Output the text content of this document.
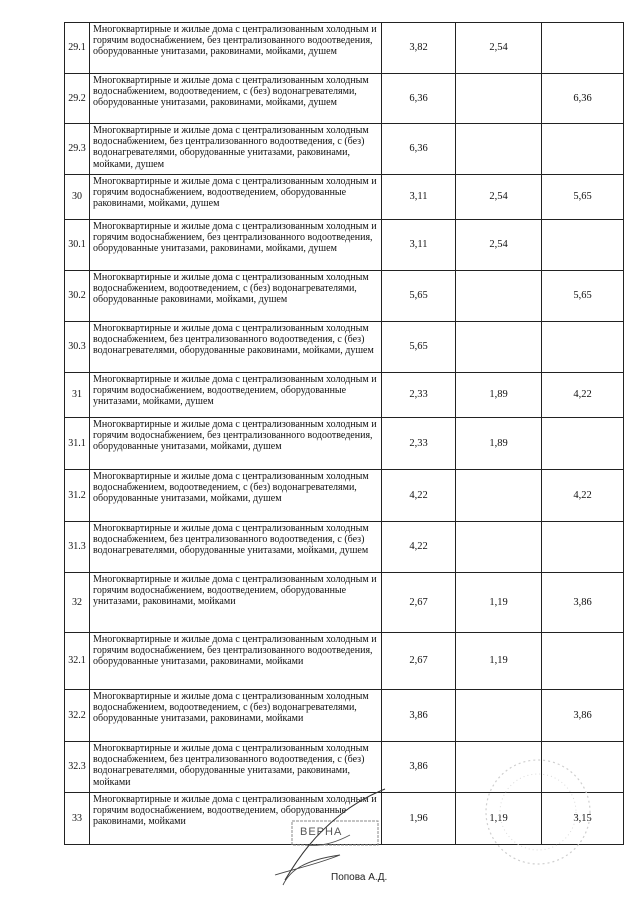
29.1	Многоквартирные и жилые дома с централизованным холодным и горячим водоснабжением, без централизованного водоотведения, оборудованные унитазами, раковинами, мойками, душем	3,82	2,54	
29.2	Многоквартирные и жилые дома с централизованным холодным водоснабжением, водоотведением, с (без) водонагревателями, оборудованные унитазами, раковинами, мойками, душем	6,36		6,36
29.3	Многоквартирные и жилые дома с централизованным холодным водоснабжением, без централизованного водоотведения, с (без) водонагревателями, оборудованные унитазами, раковинами, мойками, душем	6,36		
30	Многоквартирные и жилые дома с централизованным холодным и горячим водоснабжением, водоотведением, оборудованные раковинами, мойками, душем	3,11	2,54	5,65
30.1	Многоквартирные и жилые дома с централизованным холодным и горячим водоснабжением, без централизованного водоотведения, оборудованные унитазами, раковинами, мойками, душем	3,11	2,54	
30.2	Многоквартирные и жилые дома с централизованным холодным водоснабжением, водоотведением, с (без) водонагревателями, оборудованные раковинами, мойками, душем	5,65		5,65
30.3	Многоквартирные и жилые дома с централизованным холодным водоснабжением, без централизованного водоотведения, с (без) водонагревателями, оборудованные раковинами, мойками, душем	5,65		
31	Многоквартирные и жилые дома с централизованным холодным и горячим водоснабжением, водоотведением, оборудованные унитазами, мойками, душем	2,33	1,89	4,22
31.1	Многоквартирные и жилые дома с централизованным холодным и горячим водоснабжением, без централизованного водоотведения, оборудованные унитазами, мойками, душем	2,33	1,89	
31.2	Многоквартирные и жилые дома с централизованным холодным водоснабжением, водоотведением, с (без) водонагревателями, оборудованные унитазами, мойками, душем	4,22		4,22
31.3	Многоквартирные и жилые дома с централизованным холодным водоснабжением, без централизованного водоотведения, с (без) водонагревателями, оборудованные унитазами, мойками, душем	4,22		
32	Многоквартирные и жилые дома с централизованным холодным и горячим водоснабжением, водоотведением, оборудованные унитазами, раковинами, мойками	2,67	1,19	3,86
32.1	Многоквартирные и жилые дома с централизованным холодным и горячим водоснабжением, без централизованного водоотведения, оборудованные унитазами, раковинами, мойками	2,67	1,19	
32.2	Многоквартирные и жилые дома с централизованным холодным водоснабжением, водоотведением, с (без) водонагревателями, оборудованные унитазами, раковинами, мойками	3,86		3,86
32.3	Многоквартирные и жилые дома с централизованным холодным водоснабжением, без централизованного водоотведения, с (без) водонагревателями, оборудованные унитазами, раковинами, мойками	3,86		
33	Многоквартирные и жилые дома с централизованным холодным и горячим водоснабжением, водоотведением, оборудованные раковинами, мойками	1,96	1,19	3,15
ВЕРНА
Попова А.Д.
